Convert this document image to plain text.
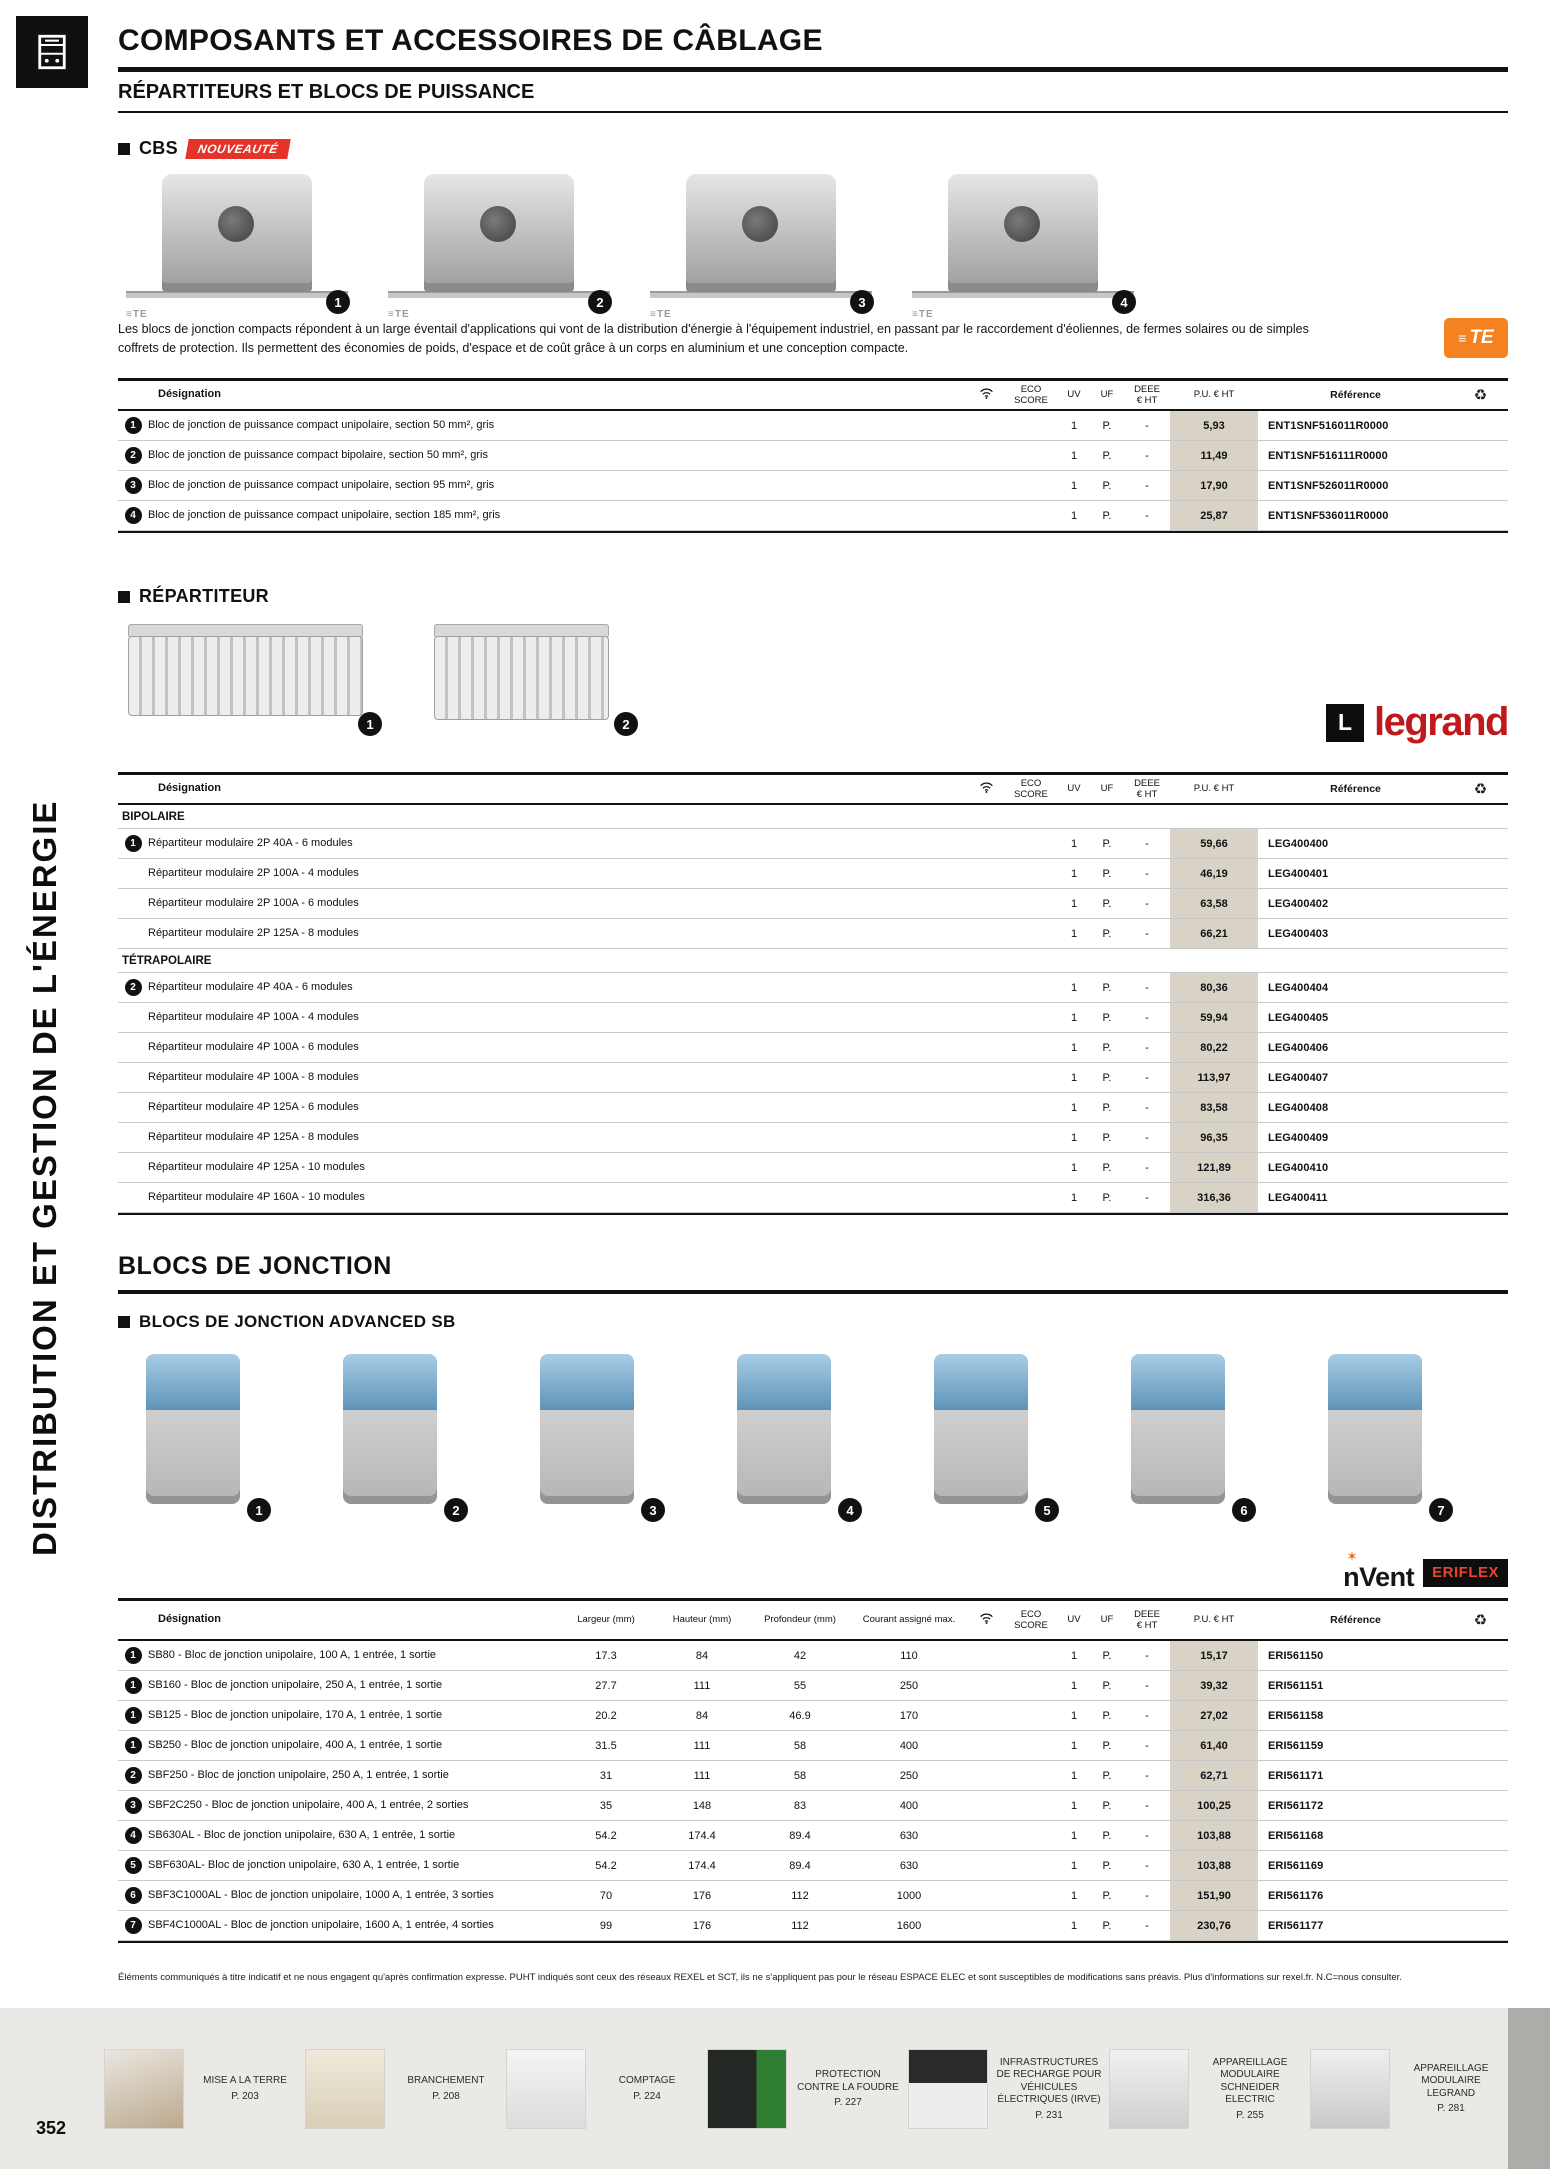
DISTRIBUTION ET GESTION DE L'ÉNERGIE
COMPOSANTS ET ACCESSOIRES DE CÂBLAGE
RÉPARTITEURS ET BLOCS DE PUISSANCE
CBS	NOUVEAUTÉ
≡TE
1
≡TE
2
≡TE
3
≡TE
4
Les blocs de jonction compacts répondent à un large éventail d'applications qui vont de la distribution d'énergie à l'équipement industriel, en passant par le raccordement d'éoliennes, de fermes solaires ou de simples coffrets de protection. Ils permettent des économies de poids, d'espace et de coût grâce à un corps en aluminium et une conception compacte.
≡ TE
Désignation	ECO
SCORE
UV	UF
DEEE
€ HT
P.U. € HT	Référence	♻
1	Bloc de jonction de puissance compact unipolaire, section 50 mm², gris	1	P.	-	5,93	ENT1SNF516011R0000
2	Bloc de jonction de puissance compact bipolaire, section 50 mm², gris	1	P.	-	11,49	ENT1SNF516111R0000
3	Bloc de jonction de puissance compact unipolaire, section 95 mm², gris	1	P.	-	17,90	ENT1SNF526011R0000
4	Bloc de jonction de puissance compact unipolaire, section 185 mm², gris	1	P.	-	25,87	ENT1SNF536011R0000
RÉPARTITEUR
1	2	L legrand
Désignation	ECO
SCORE
UV	UF
DEEE
€ HT
P.U. € HT	Référence	♻
BIPOLAIRE
1	Répartiteur modulaire 2P 40A - 6 modules	1	P.	-	59,66	LEG400400
Répartiteur modulaire 2P 100A - 4 modules	1	P.	-	46,19	LEG400401
Répartiteur modulaire 2P 100A - 6 modules	1	P.	-	63,58	LEG400402
Répartiteur modulaire 2P 125A - 8 modules	1	P.	-	66,21	LEG400403
TÉTRAPOLAIRE
2	Répartiteur modulaire 4P 40A - 6 modules	1	P.	-	80,36	LEG400404
Répartiteur modulaire 4P 100A - 4 modules	1	P.	-	59,94	LEG400405
Répartiteur modulaire 4P 100A - 6 modules	1	P.	-	80,22	LEG400406
Répartiteur modulaire 4P 100A - 8 modules	1	P.	-	113,97	LEG400407
Répartiteur modulaire 4P 125A - 6 modules	1	P.	-	83,58	LEG400408
Répartiteur modulaire 4P 125A - 8 modules	1	P.	-	96,35	LEG400409
Répartiteur modulaire 4P 125A - 10 modules	1	P.	-	121,89	LEG400410
Répartiteur modulaire 4P 160A - 10 modules	1	P.	-	316,36	LEG400411
BLOCS DE JONCTION
BLOCS DE JONCTION ADVANCED SB
1	2	3	4	5	6	7
✶
nVent	ERIFLEX
Désignation	Largeur (mm)	Hauteur (mm)	Profondeur (mm)	Courant assigné max.
ECO
SCORE
UV	UF
DEEE
€ HT
P.U. € HT	Référence	♻
1	SB80 - Bloc de jonction unipolaire, 100 A, 1 entrée, 1 sortie	17.3	84	42	110	1	P.	-	15,17	ERI561150
1	SB160 - Bloc de jonction unipolaire, 250 A, 1 entrée, 1 sortie	27.7	111	55	250	1	P.	-	39,32	ERI561151
1	SB125 - Bloc de jonction unipolaire, 170 A, 1 entrée, 1 sortie	20.2	84	46.9	170	1	P.	-	27,02	ERI561158
1	SB250 - Bloc de jonction unipolaire, 400 A, 1 entrée, 1 sortie	31.5	111	58	400	1	P.	-	61,40	ERI561159
2	SBF250 - Bloc de jonction unipolaire, 250 A, 1 entrée, 1 sortie	31	111	58	250	1	P.	-	62,71	ERI561171
3	SBF2C250 - Bloc de jonction unipolaire, 400 A, 1 entrée, 2 sorties	35	148	83	400	1	P.	-	100,25	ERI561172
4	SB630AL - Bloc de jonction unipolaire, 630 A, 1 entrée, 1 sortie	54.2	174.4	89.4	630	1	P.	-	103,88	ERI561168
5	SBF630AL- Bloc de jonction unipolaire, 630 A, 1 entrée, 1 sortie	54.2	174.4	89.4	630	1	P.	-	103,88	ERI561169
6	SBF3C1000AL - Bloc de jonction unipolaire, 1000 A, 1 entrée, 3 sorties	70	176	112	1000	1	P.	-	151,90	ERI561176
7	SBF4C1000AL - Bloc de jonction unipolaire, 1600 A, 1 entrée, 4 sorties	99	176	112	1600	1	P.	-	230,76	ERI561177
Éléments communiqués à titre indicatif et ne nous engagent qu'après confirmation expresse. PUHT indiqués sont ceux des réseaux REXEL et SCT, ils ne s'appliquent pas pour le réseau ESPACE ELEC et sont susceptibles de modifications sans préavis. Plus d'informations sur rexel.fr. N.C=nous consulter.
MISE A LA TERRE
P. 203
BRANCHEMENT
P. 208
COMPTAGE
P. 224
PROTECTION CONTRE LA FOUDRE
P. 227
INFRASTRUCTURES DE RECHARGE POUR VÉHICULES ÉLECTRIQUES (IRVE)
P. 231
APPAREILLAGE MODULAIRE SCHNEIDER ELECTRIC
P. 255
APPAREILLAGE MODULAIRE LEGRAND
P. 281
352
